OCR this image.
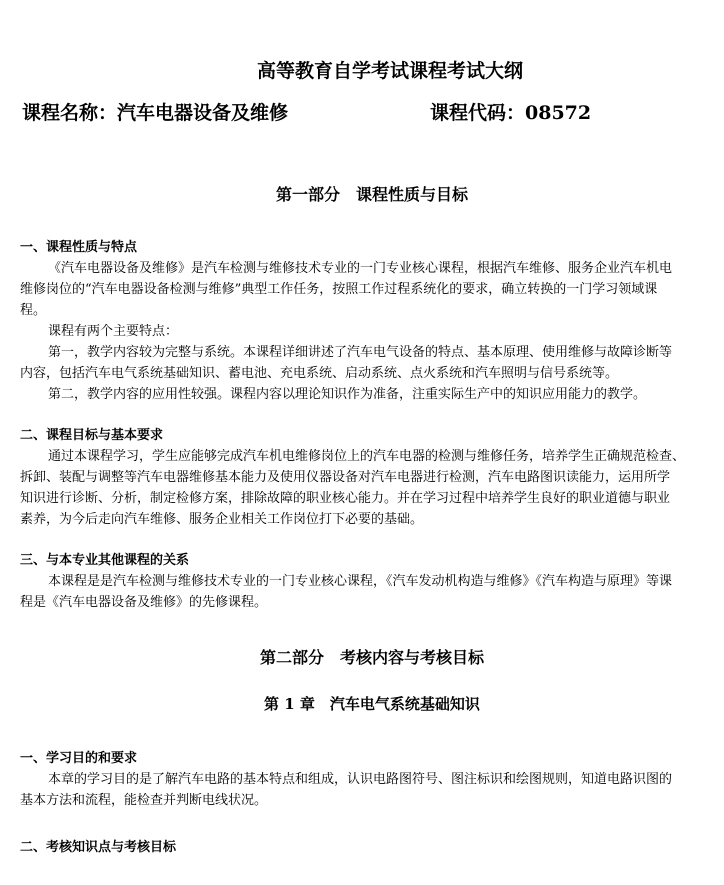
高等教育自学考试课程考试大纲
课程名称：汽车电器设备及维修	课程代码：08572
第一部分　课程性质与目标
一、课程性质与特点
《汽车电器设备及维修》是汽车检测与维修技术专业的一门专业核心课程，根据汽车维修、服务企业汽车机电
维修岗位的“汽车电器设备检测与维修”典型工作任务，按照工作过程系统化的要求，确立转换的一门学习领域课
程。
课程有两个主要特点：
第一，教学内容较为完整与系统。本课程详细讲述了汽车电气设备的特点、基本原理、使用维修与故障诊断等
内容，包括汽车电气系统基础知识、蓄电池、充电系统、启动系统、点火系统和汽车照明与信号系统等。
第二，教学内容的应用性较强。课程内容以理论知识作为准备，注重实际生产中的知识应用能力的教学。
二、课程目标与基本要求
通过本课程学习，学生应能够完成汽车机电维修岗位上的汽车电器的检测与维修任务，培养学生正确规范检查、
拆卸、装配与调整等汽车电器维修基本能力及使用仪器设备对汽车电器进行检测，汽车电路图识读能力，运用所学
知识进行诊断、分析，制定检修方案，排除故障的职业核心能力。并在学习过程中培养学生良好的职业道德与职业
素养，为今后走向汽车维修、服务企业相关工作岗位打下必要的基础。
三、与本专业其他课程的关系
本课程是是汽车检测与维修技术专业的一门专业核心课程，《汽车发动机构造与维修》《汽车构造与原理》等课
程是《汽车电器设备及维修》的先修课程。
第二部分　考核内容与考核目标
第 1 章　汽车电气系统基础知识
一、学习目的和要求
本章的学习目的是了解汽车电路的基本特点和组成，认识电路图符号、图注标识和绘图规则，知道电路识图的
基本方法和流程，能检查并判断电线状况。
二、考核知识点与考核目标
